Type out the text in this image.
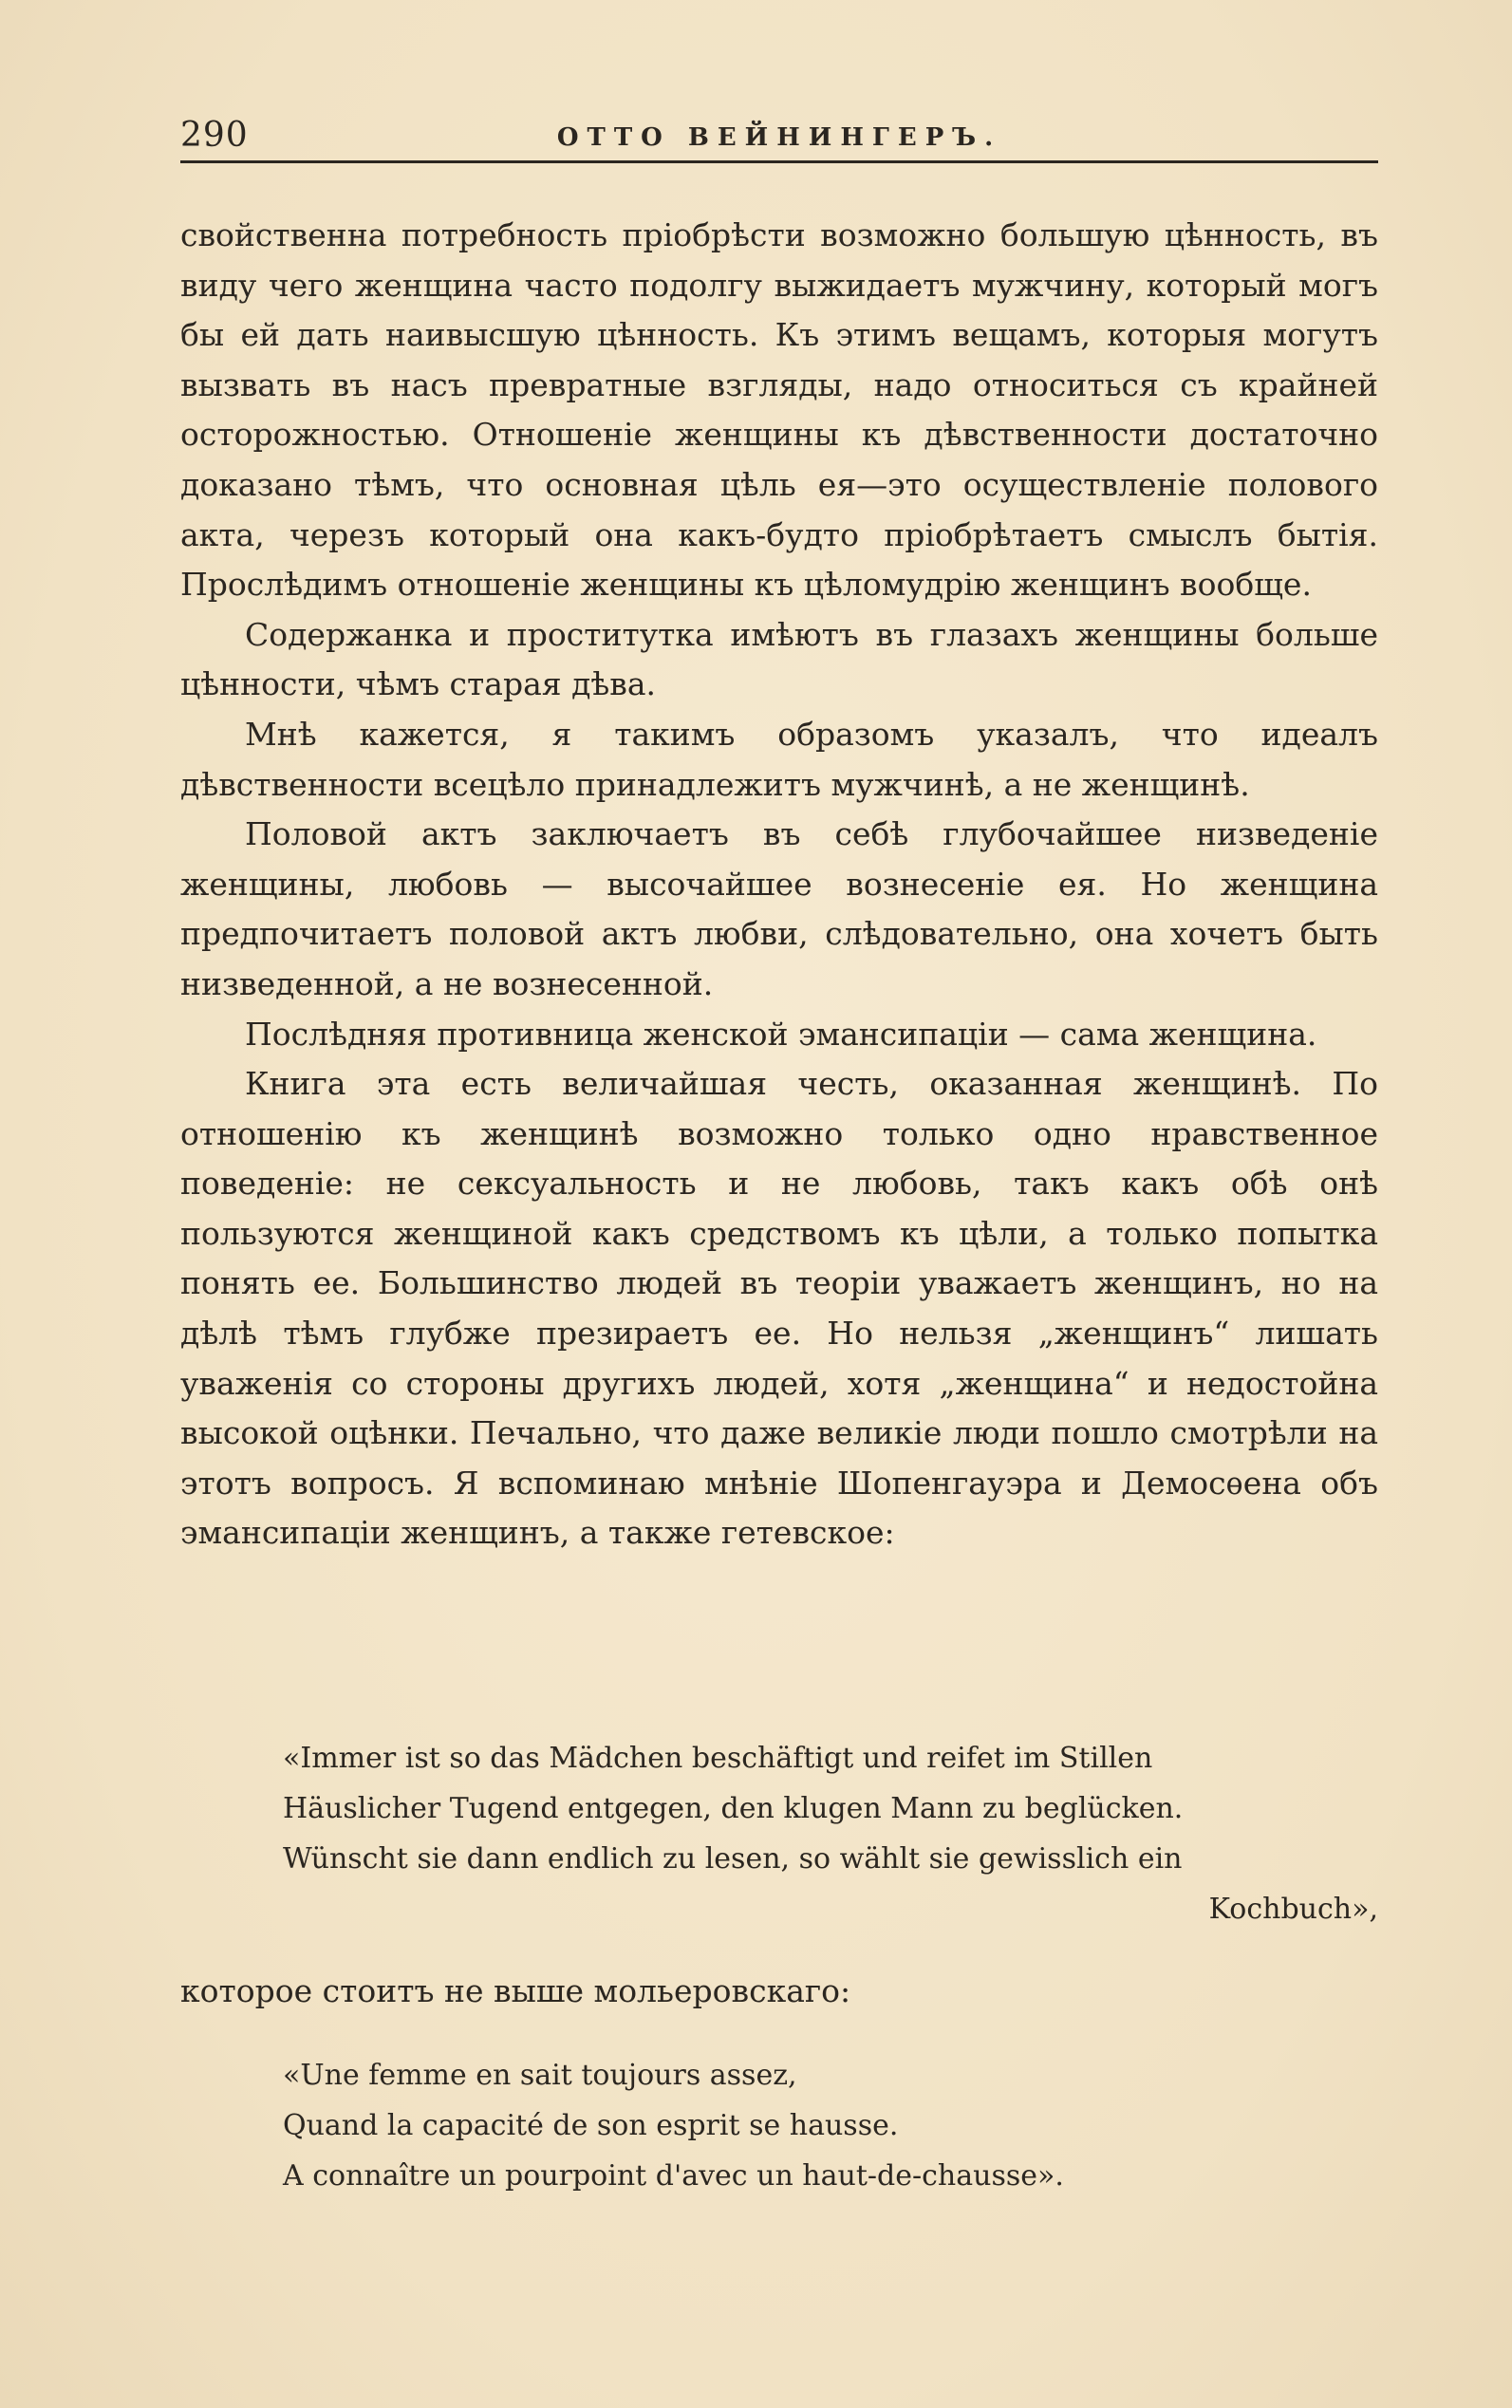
290	ОТТО ВЕЙНИНГЕРЪ.

свойственна потребность пріобрѣсти возможно большую цѣнность, въ виду чего женщина часто подолгу выжидаетъ мужчину, который могъ бы ей дать наивысшую цѣнность. Къ этимъ вещамъ, которыя могутъ вызвать въ насъ превратные взгляды, надо относиться съ крайней осторожностью. Отношеніе женщины къ дѣвственности достаточно доказано тѣмъ, что основная цѣль ея—это осуществленіе полового акта, черезъ который она какъ-будто пріобрѣтаетъ смыслъ бытія. Прослѣдимъ отношеніе женщины къ цѣломудрію женщинъ вообще.

Содержанка и проститутка имѣютъ въ глазахъ женщины больше цѣнности, чѣмъ старая дѣва.

Мнѣ кажется, я такимъ образомъ указалъ, что идеалъ дѣвственности всецѣло принадлежитъ мужчинѣ, а не женщинѣ.

Половой актъ заключаетъ въ себѣ глубочайшее низведеніе женщины, любовь — высочайшее вознесеніе ея. Но женщина предпочитаетъ половой актъ любви, слѣдовательно, она хочетъ быть низведенной, а не вознесенной.

Послѣдняя противница женской эмансипаціи — сама женщина.

Книга эта есть величайшая честь, оказанная женщинѣ. По отношенію къ женщинѣ возможно только одно нравственное поведеніе: не сексуальность и не любовь, такъ какъ обѣ онѣ пользуются женщиной какъ средствомъ къ цѣли, а только попытка понять ее. Большинство людей въ теоріи уважаетъ женщинъ, но на дѣлѣ тѣмъ глубже презираетъ ее. Но нельзя „женщинъ“ лишать уваженія со стороны другихъ людей, хотя „женщина“ и недостойна высокой оцѣнки. Печально, что даже великіе люди пошло смотрѣли на этотъ вопросъ. Я вспоминаю мнѣніе Шопенгауэра и Демосѳена объ эмансипаціи женщинъ, а также гетевское:

«Immer ist so das Mädchen beschäftigt und reifet im Stillen

Häuslicher Tugend entgegen, den klugen Mann zu beglücken.

Wünscht sie dann endlich zu lesen, so wählt sie gewisslich ein

Kochbuch»,

которое стоитъ не выше мольеровскаго:

«Une femme en sait toujours assez,

Quand la capacité de son esprit se hausse.

A connaître un pourpoint d'avec un haut-de-chausse».
